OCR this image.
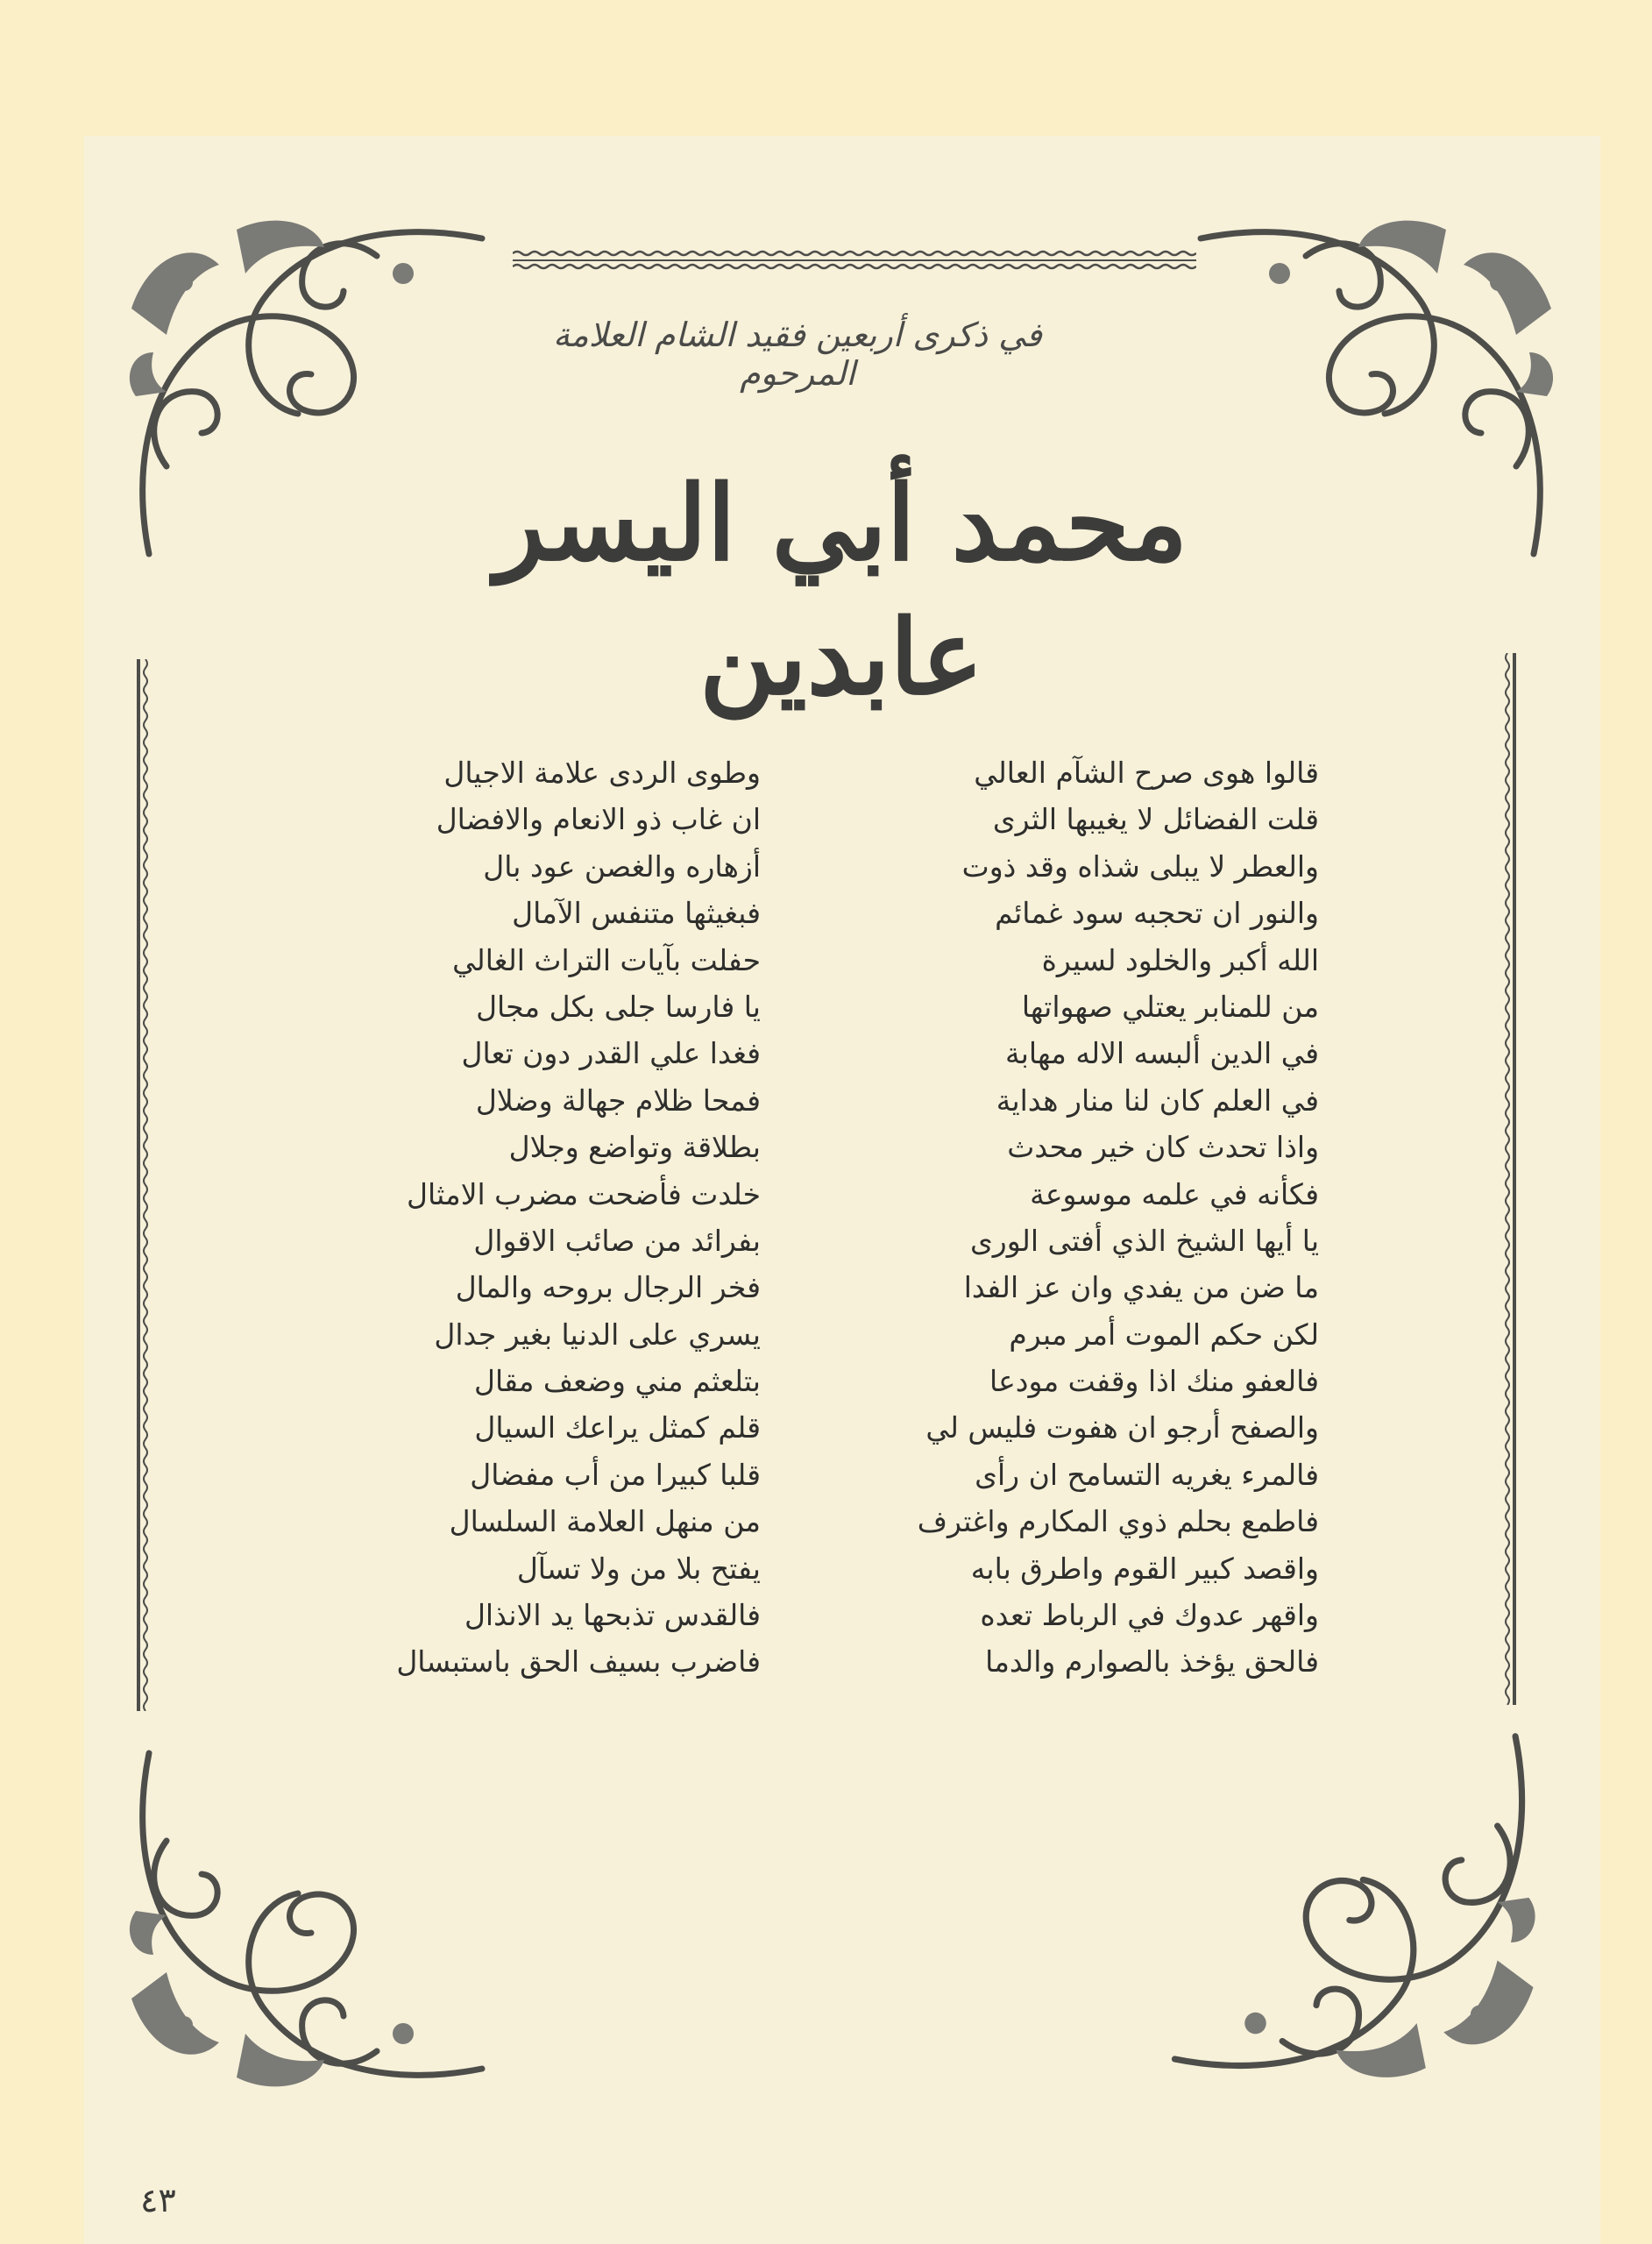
في ذكرى أربعين فقيد الشام العلامة المرحوم
محمد أبي اليسر عابدين
قالوا هوى صرح الشآم العالي
قلت الفضائل لا يغيبها الثرى
والعطر لا يبلى شذاه وقد ذوت
والنور ان تحجبه سود غمائم
الله أكبر والخلود لسيرة
من للمنابر يعتلي صهواتها
في الدين ألبسه الاله مهابة
في العلم كان لنا منار هداية
واذا تحدث كان خير محدث
فكأنه في علمه موسوعة
يا أيها الشيخ الذي أفتى الورى
ما ضن من يفدي وان عز الفدا
لكن حكم الموت أمر مبرم
فالعفو منك اذا وقفت مودعا
والصفح أرجو ان هفوت فليس لي
فالمرء يغريه التسامح ان رأى
فاطمع بحلم ذوي المكارم واغترف
واقصد كبير القوم واطرق بابه
واقهر عدوك في الرباط تعده
فالحق يؤخذ بالصوارم والدما
وطوى الردى علامة الاجيال
ان غاب ذو الانعام والافضال
أزهاره والغصن عود بال
فبغيثها متنفس الآمال
حفلت بآيات التراث الغالي
يا فارسا جلى بكل مجال
فغدا علي القدر دون تعال
فمحا ظلام جهالة وضلال
بطلاقة وتواضع وجلال
خلدت فأضحت مضرب الامثال
بفرائد من صائب الاقوال
فخر الرجال بروحه والمال
يسري على الدنيا بغير جدال
بتلعثم مني وضعف مقال
قلم كمثل يراعك السيال
قلبا كبيرا من أب مفضال
من منهل العلامة السلسال
يفتح بلا من ولا تسآل
فالقدس تذبحها يد الانذال
فاضرب بسيف الحق باستبسال
٤٣
